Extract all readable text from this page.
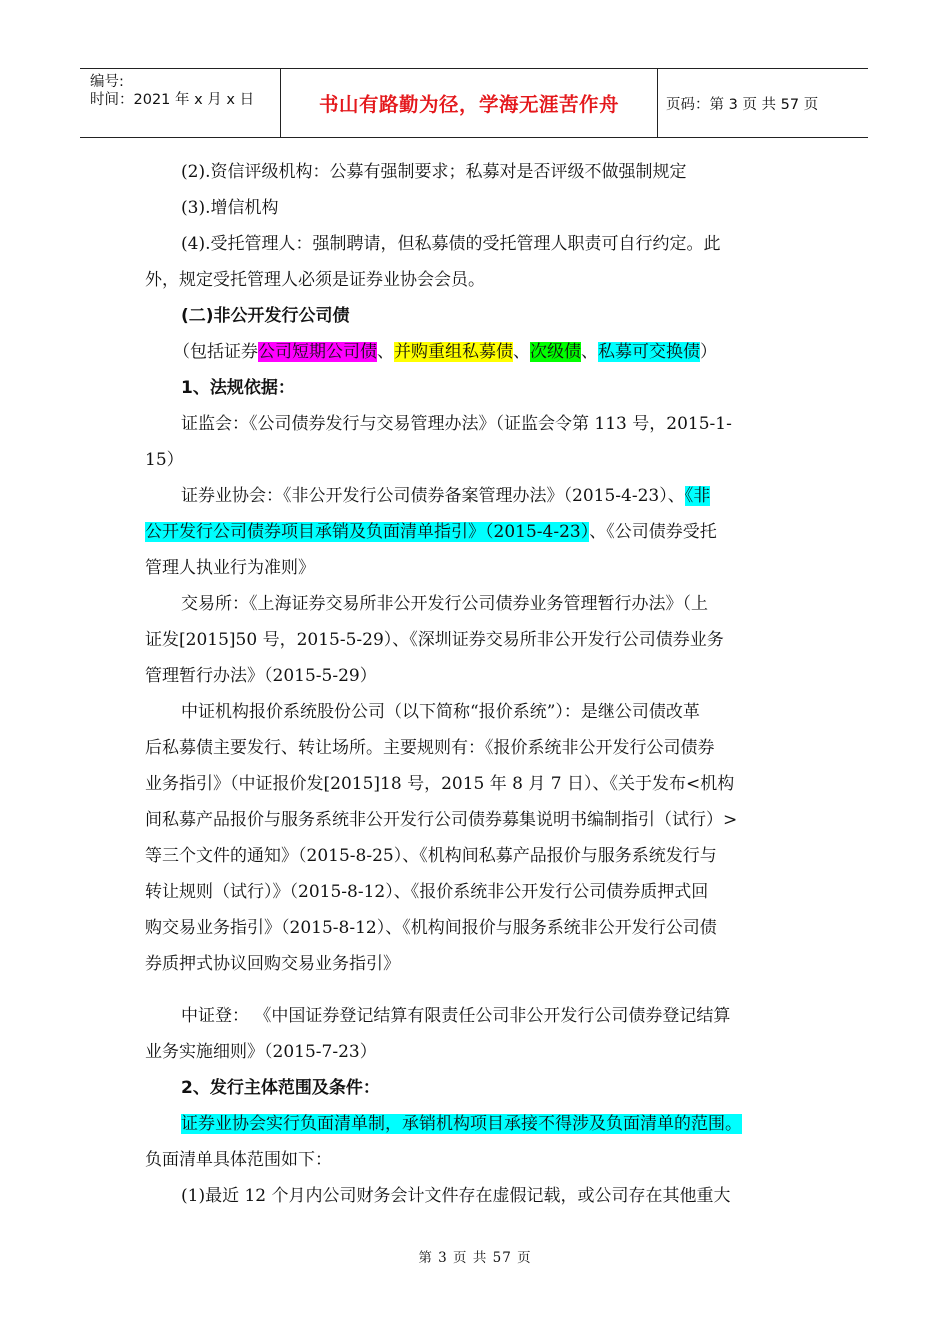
编号:
时间：2021 年 x 月 x 日	书山有路勤为径，学海无涯苦作舟	页码：第 3 页 共 57 页
(2).资信评级机构：公募有强制要求；私募对是否评级不做强制规定
(3).增信机构
(4).受托管理人：强制聘请，但私募债的受托管理人职责可自行约定。此
外，规定受托管理人必须是证券业协会会员。
(二)非公开发行公司债
（包括证券公司短期公司债、并购重组私募债、次级债、私募可交换债）
1、法规依据：
证监会：《公司债券发行与交易管理办法》（证监会令第 113 号，2015-1-
15）
证券业协会：《非公开发行公司债券备案管理办法》（2015-4-23）、《非
公开发行公司债券项目承销及负面清单指引》（2015-4-23）、《公司债券受托
管理人执业行为准则》
交易所：《上海证券交易所非公开发行公司债券业务管理暂行办法》（上
证发[2015]50 号，2015-5-29）、《深圳证券交易所非公开发行公司债券业务
管理暂行办法》（2015-5-29）
中证机构报价系统股份公司（以下简称“报价系统”）：是继公司债改革
后私募债主要发行、转让场所。主要规则有：《报价系统非公开发行公司债券
业务指引》（中证报价发[2015]18 号，2015 年 8 月 7 日）、《关于发布<机构
间私募产品报价与服务系统非公开发行公司债券募集说明书编制指引（试行）>
等三个文件的通知》（2015-8-25）、《机构间私募产品报价与服务系统发行与
转让规则（试行）》（2015-8-12）、《报价系统非公开发行公司债券质押式回
购交易业务指引》（2015-8-12）、《机构间报价与服务系统非公开发行公司债
券质押式协议回购交易业务指引》
中证登： 《中国证券登记结算有限责任公司非公开发行公司债券登记结算
业务实施细则》（2015-7-23）
2、发行主体范围及条件：
证券业协会实行负面清单制，承销机构项目承接不得涉及负面清单的范围。
负面清单具体范围如下：
(1)最近 12 个月内公司财务会计文件存在虚假记载，或公司存在其他重大
第 3 页 共 57 页
